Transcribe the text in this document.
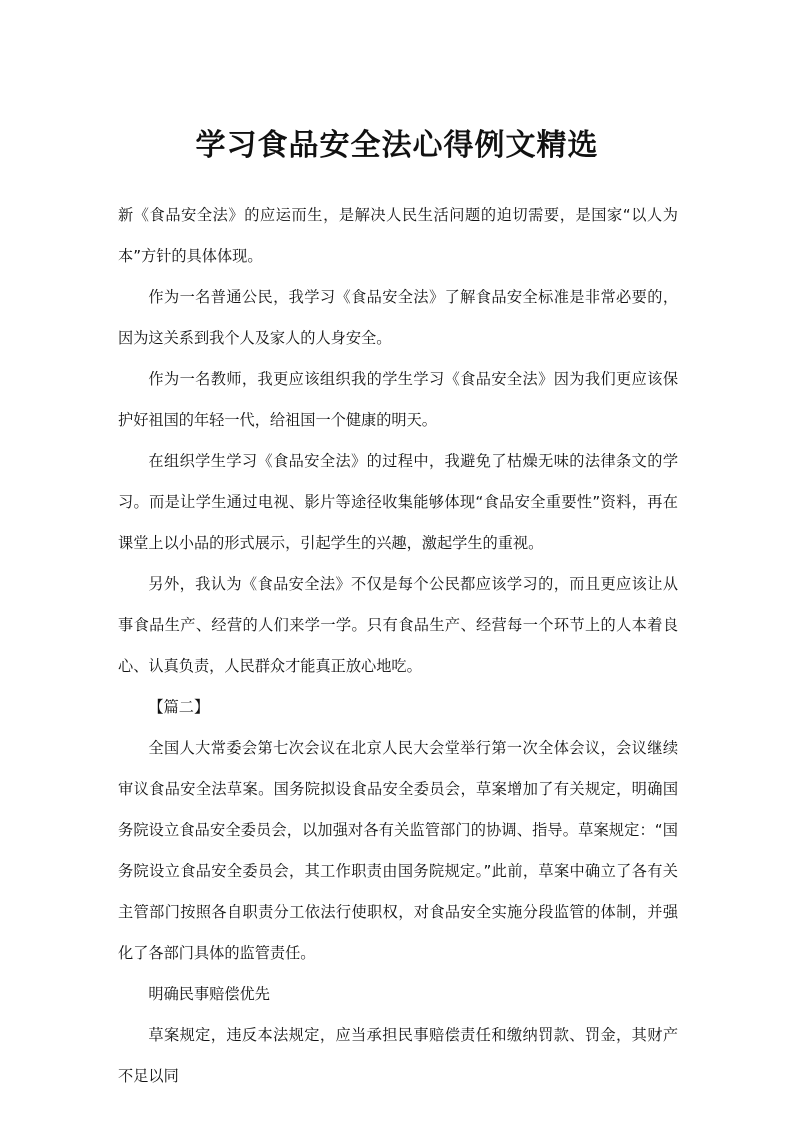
学习食品安全法心得例文精选

新《食品安全法》的应运而生，是解决人民生活问题的迫切需要，是国家“以人为本”方针的具体体现。

作为一名普通公民，我学习《食品安全法》了解食品安全标准是非常必要的，因为这关系到我个人及家人的人身安全。

作为一名教师，我更应该组织我的学生学习《食品安全法》因为我们更应该保护好祖国的年轻一代，给祖国一个健康的明天。

在组织学生学习《食品安全法》的过程中，我避免了枯燥无味的法律条文的学习。而是让学生通过电视、影片等途径收集能够体现“食品安全重要性”资料，再在课堂上以小品的形式展示，引起学生的兴趣，激起学生的重视。

另外，我认为《食品安全法》不仅是每个公民都应该学习的，而且更应该让从事食品生产、经营的人们来学一学。只有食品生产、经营每一个环节上的人本着良心、认真负责，人民群众才能真正放心地吃。

【篇二】

全国人大常委会第七次会议在北京人民大会堂举行第一次全体会议，会议继续审议食品安全法草案。国务院拟设食品安全委员会，草案增加了有关规定，明确国务院设立食品安全委员会，以加强对各有关监管部门的协调、指导。草案规定：“国务院设立食品安全委员会，其工作职责由国务院规定。”此前，草案中确立了各有关主管部门按照各自职责分工依法行使职权，对食品安全实施分段监管的体制，并强化了各部门具体的监管责任。

明确民事赔偿优先

草案规定，违反本法规定，应当承担民事赔偿责任和缴纳罚款、罚金，其财产不足以同
